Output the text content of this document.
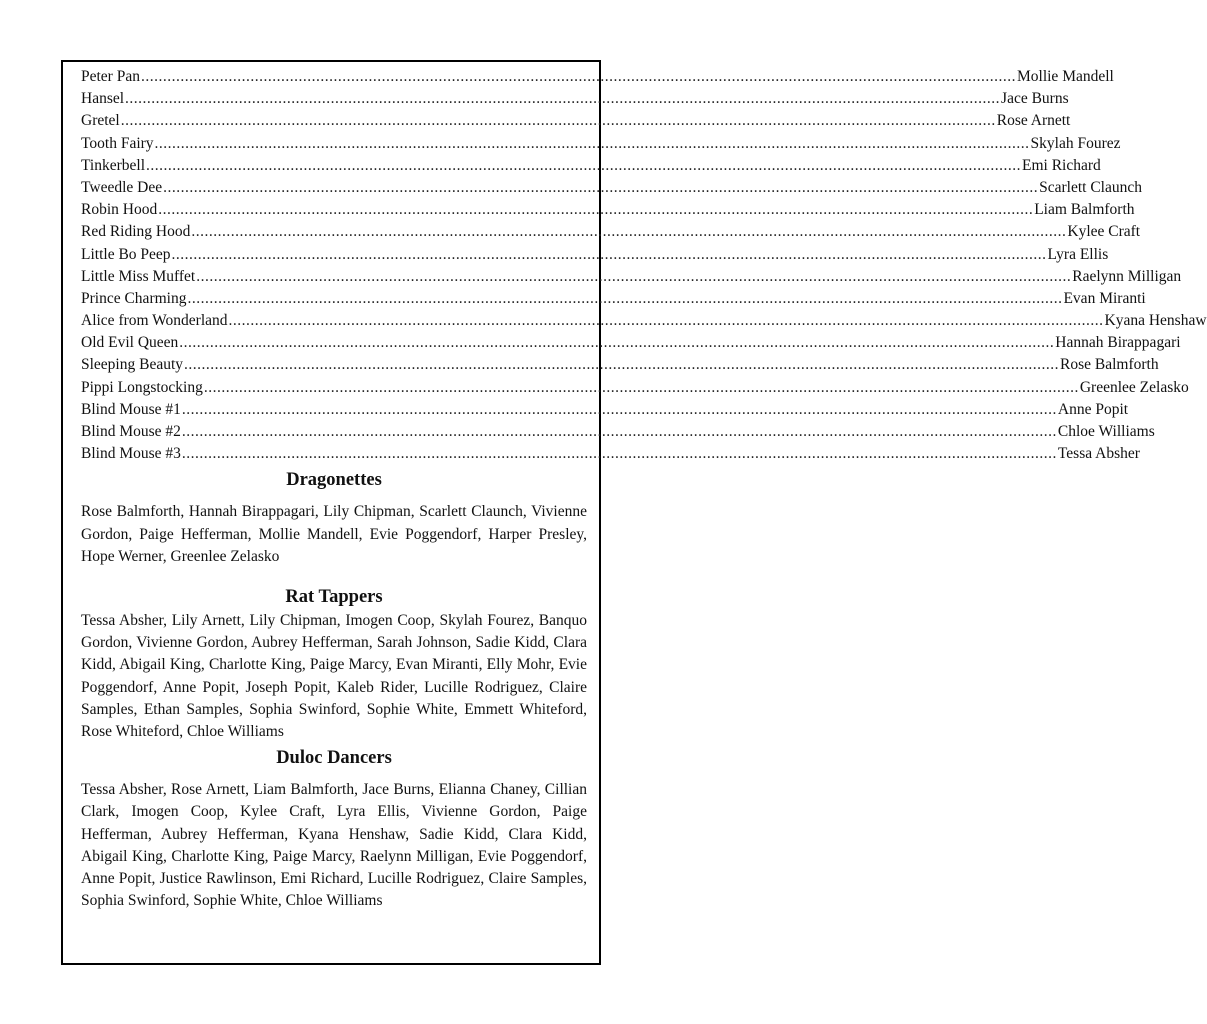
Peter Pan ........................................................................................................................................................................................................ Mollie Mandell
Hansel ........................................................................................................................................................................................................ Jace Burns
Gretel ........................................................................................................................................................................................................ Rose Arnett
Tooth Fairy ........................................................................................................................................................................................................ Skylah Fourez
Tinkerbell ........................................................................................................................................................................................................ Emi Richard
Tweedle Dee ........................................................................................................................................................................................................ Scarlett Claunch
Robin Hood ........................................................................................................................................................................................................ Liam Balmforth
Red Riding Hood ........................................................................................................................................................................................................ Kylee Craft
Little Bo Peep ........................................................................................................................................................................................................ Lyra Ellis
Little Miss Muffet ........................................................................................................................................................................................................ Raelynn Milligan
Prince Charming ........................................................................................................................................................................................................ Evan Miranti
Alice from Wonderland ........................................................................................................................................................................................................ Kyana Henshaw
Old Evil Queen ........................................................................................................................................................................................................ Hannah Birappagari
Sleeping Beauty ........................................................................................................................................................................................................ Rose Balmforth
Pippi Longstocking ........................................................................................................................................................................................................ Greenlee Zelasko
Blind Mouse #1 ........................................................................................................................................................................................................ Anne Popit
Blind Mouse #2 ........................................................................................................................................................................................................ Chloe Williams
Blind Mouse #3 ........................................................................................................................................................................................................ Tessa Absher
Dragonettes

Rose Balmforth, Hannah Birappagari, Lily Chipman, Scarlett Claunch, Vivienne Gordon, Paige Hefferman, Mollie Mandell, Evie Poggendorf, Harper Presley, Hope Werner, Greenlee Zelasko

Rat Tappers

Tessa Absher, Lily Arnett, Lily Chipman, Imogen Coop, Skylah Fourez, Banquo Gordon, Vivienne Gordon, Aubrey Hefferman, Sarah Johnson, Sadie Kidd, Clara Kidd, Abigail King, Charlotte King, Paige Marcy, Evan Miranti, Elly Mohr, Evie Poggendorf, Anne Popit, Joseph Popit, Kaleb Rider, Lucille Rodriguez, Claire Samples, Ethan Samples, Sophia Swinford, Sophie White, Emmett Whiteford, Rose Whiteford, Chloe Williams

Duloc Dancers

Tessa Absher, Rose Arnett, Liam Balmforth, Jace Burns, Elianna Chaney, Cillian Clark, Imogen Coop, Kylee Craft, Lyra Ellis, Vivienne Gordon, Paige Hefferman, Aubrey Hefferman, Kyana Henshaw, Sadie Kidd, Clara Kidd, Abigail King, Charlotte King, Paige Marcy, Raelynn Milligan, Evie Poggendorf, Anne Popit, Justice Rawlinson, Emi Richard, Lucille Rodriguez, Claire Samples, Sophia Swinford, Sophie White, Chloe Williams
